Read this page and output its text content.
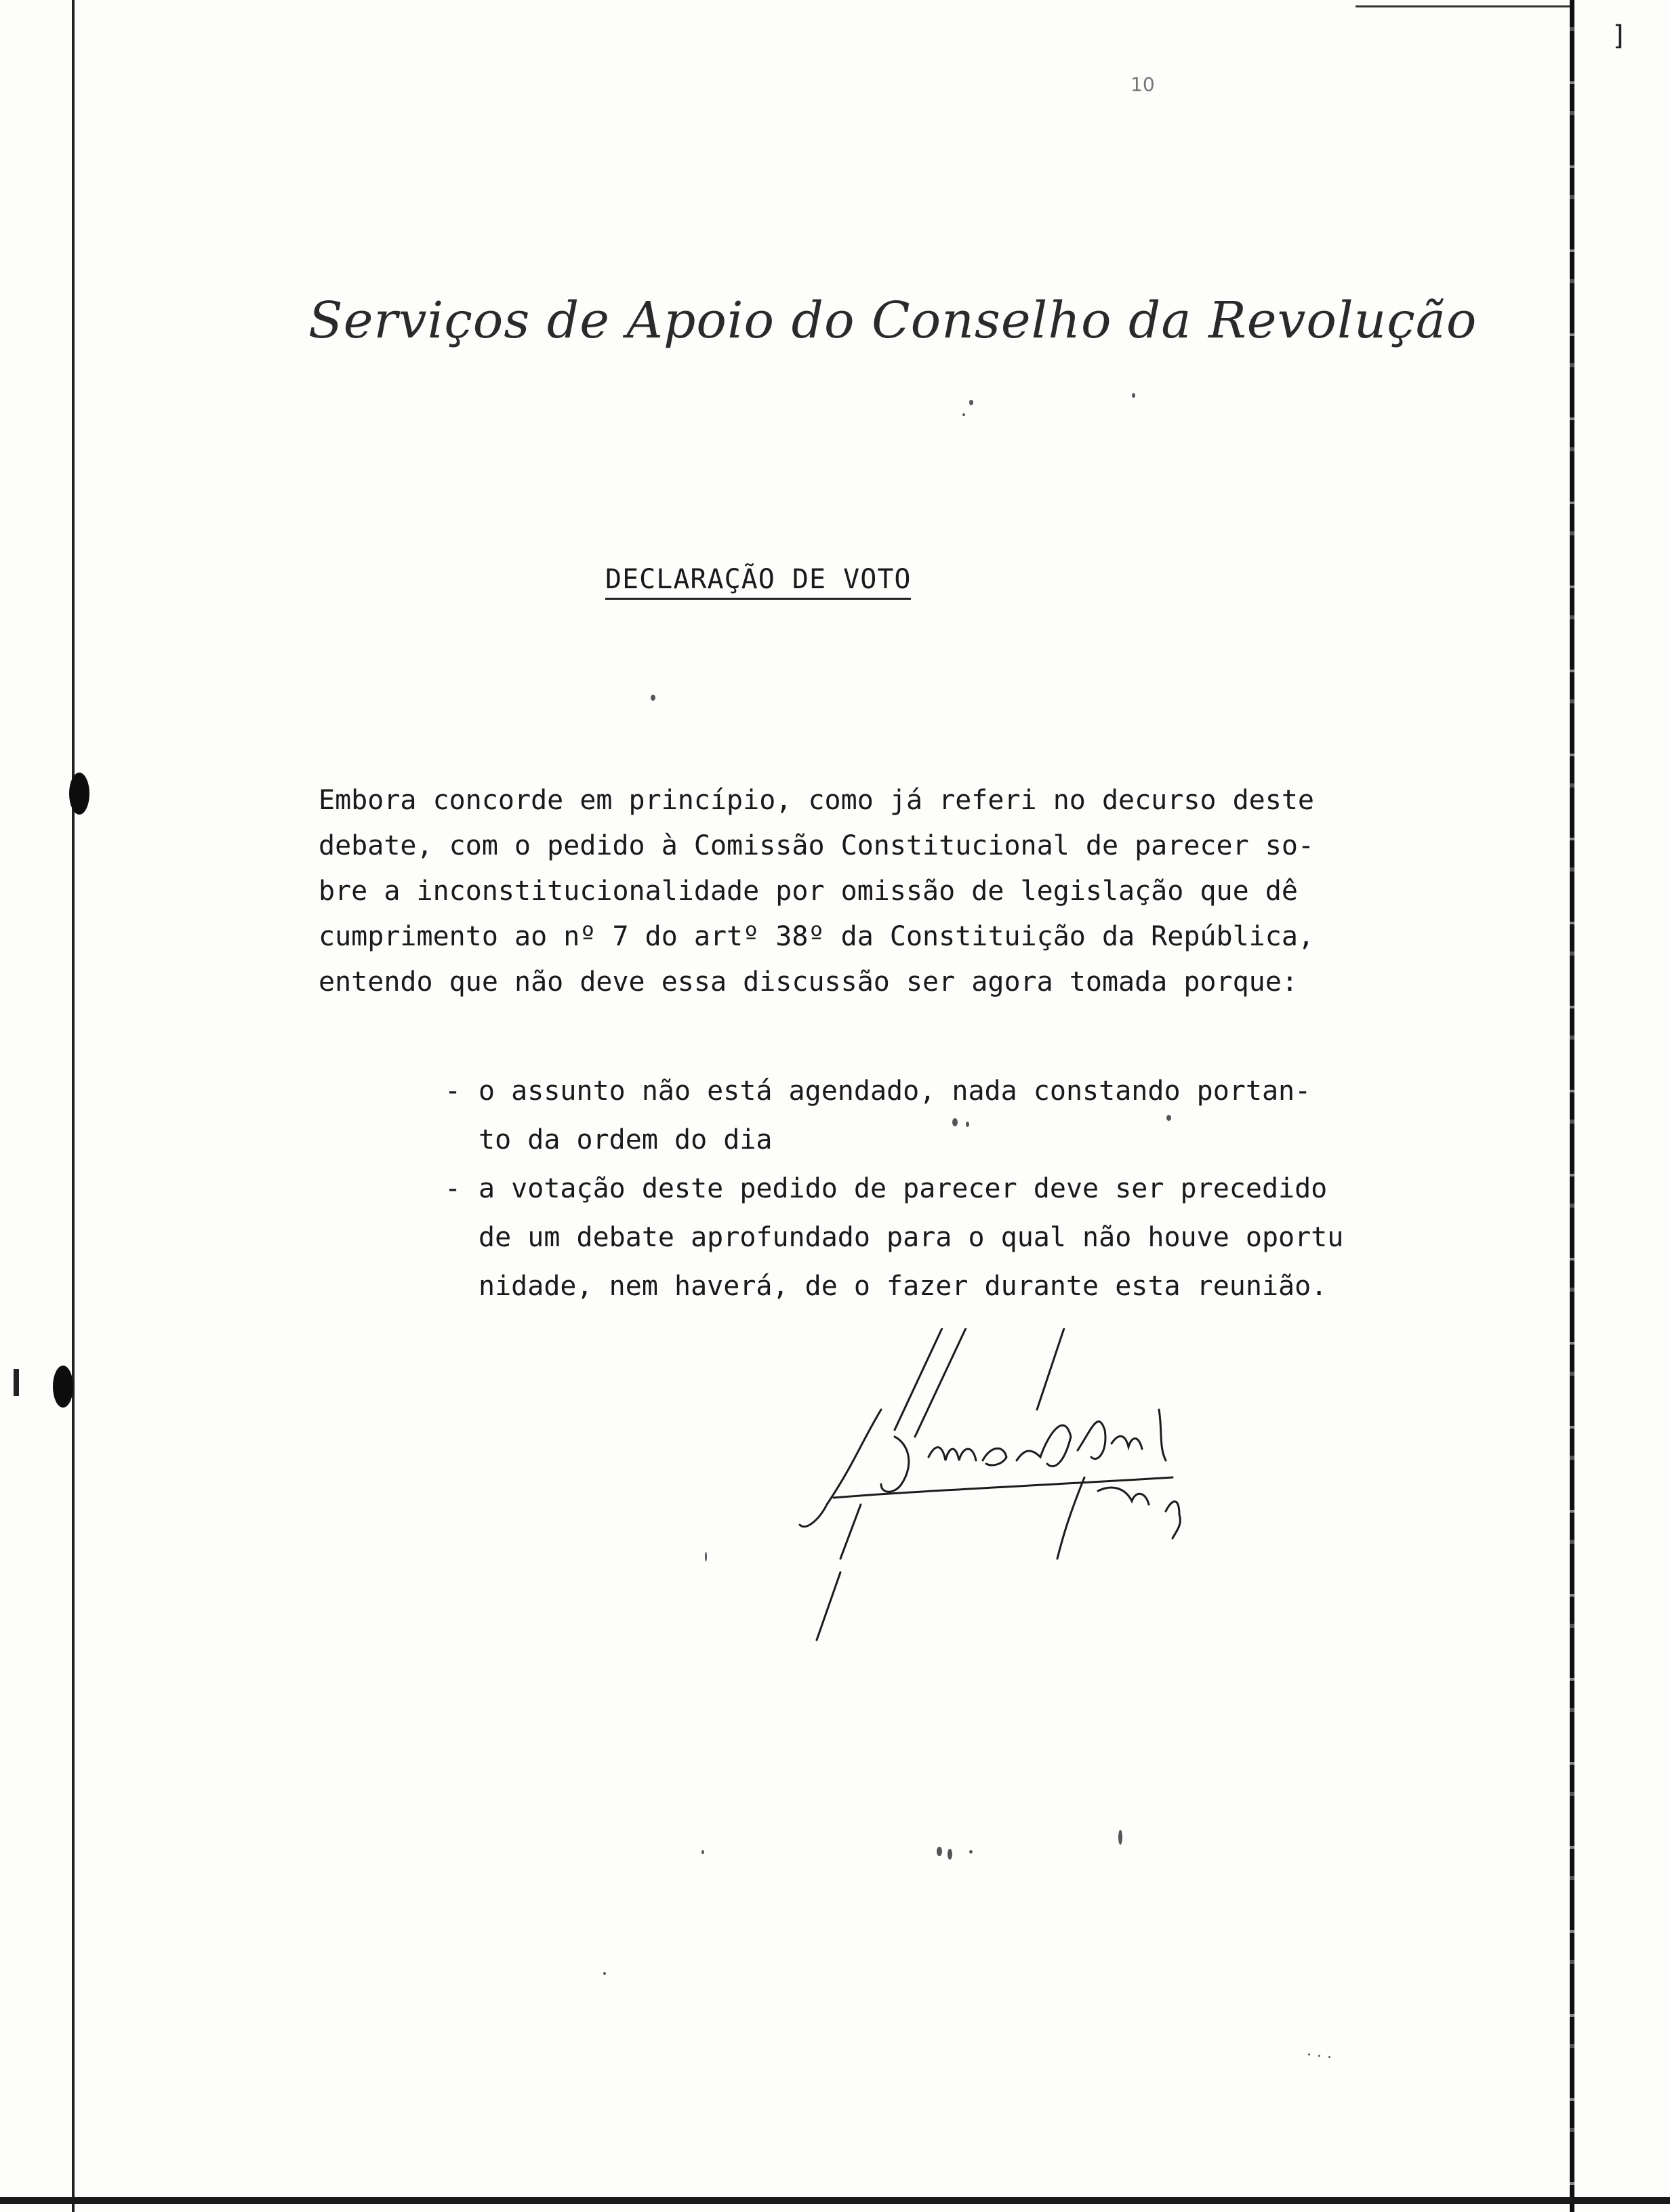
]
10
Serviços de Apoio do Conselho da Revolução
DECLARAÇÃO DE VOTO
Embora concorde em princípio, como já referi no decurso deste
debate, com o pedido à Comissão Constitucional de parecer so-
bre a inconstitucionalidade por omissão de legislação que dê
cumprimento ao nº 7 do artº 38º da Constituição da República,
entendo que não deve essa discussão ser agora tomada porque:
- o assunto não está agendado, nada constando portan-
to da ordem do dia
- a votação deste pedido de parecer deve ser precedido
de um debate aprofundado para o qual não houve oportu
nidade, nem haverá, de o fazer durante esta reunião.
